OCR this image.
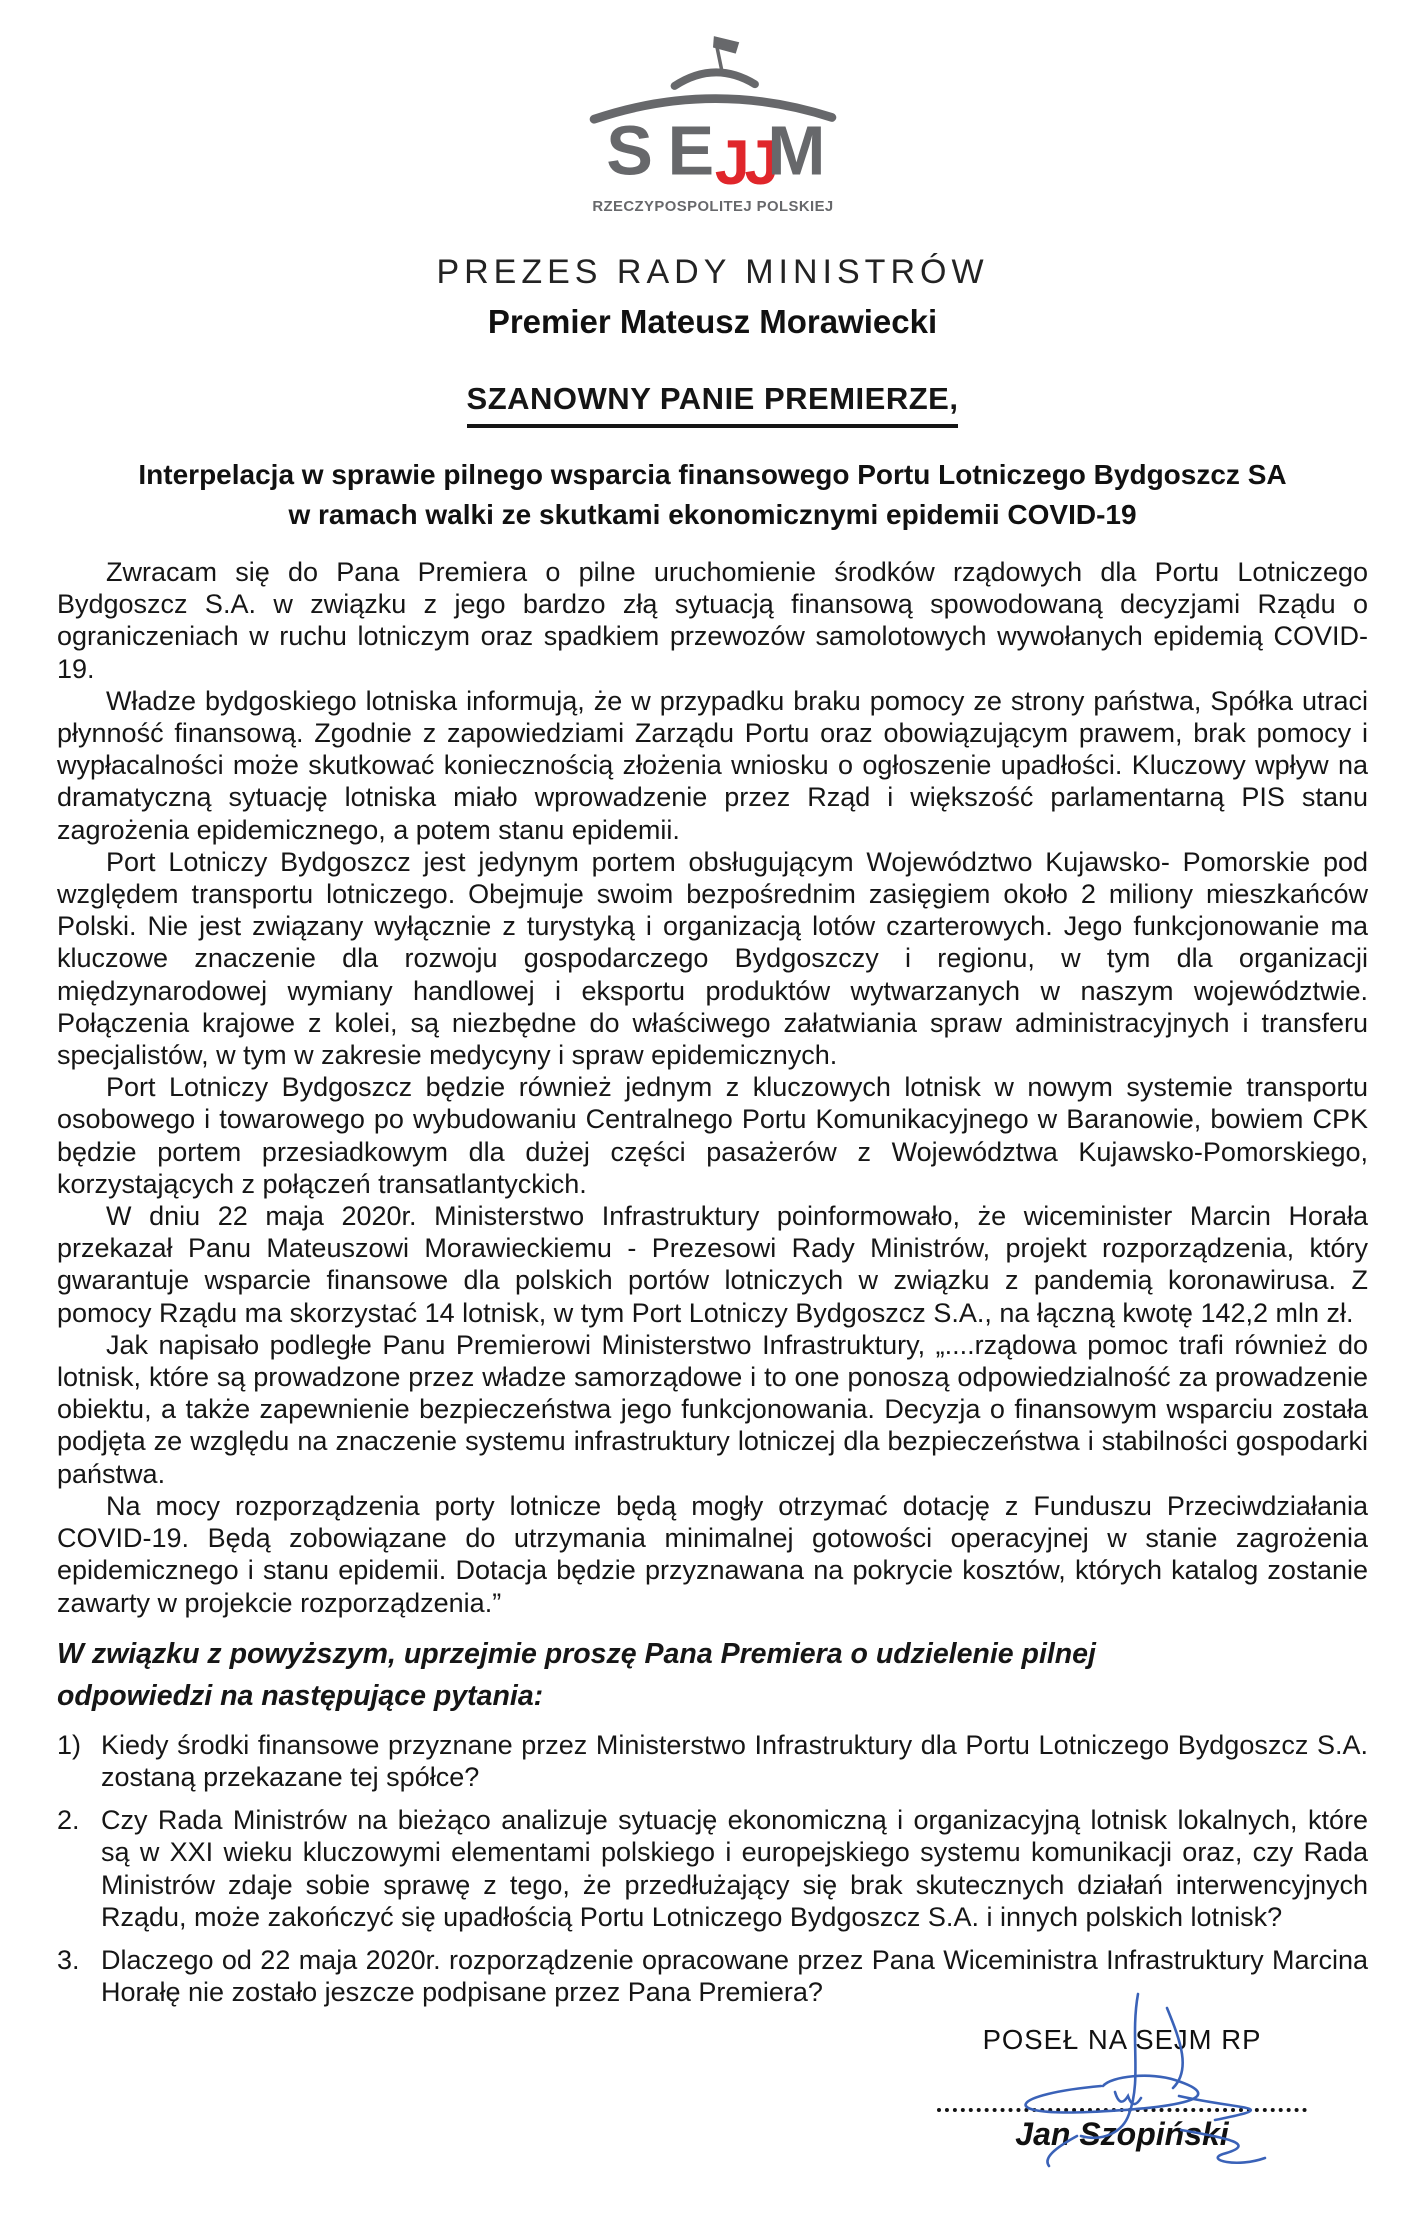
S E JJ
M
RZECZYPOSPOLITEJ POLSKIEJ
PREZES RADY MINISTRÓW
Premier Mateusz Morawiecki
SZANOWNY PANIE PREMIERZE,
Interpelacja w sprawie pilnego wsparcia finansowego Portu Lotniczego Bydgoszcz SA
w ramach walki ze skutkami ekonomicznymi epidemii COVID-19

Zwracam się do Pana Premiera o pilne uruchomienie środków rządowych dla Portu Lotniczego Bydgoszcz S.A. w związku z jego bardzo złą sytuacją finansową spowodowaną decyzjami Rządu o ograniczeniach w ruchu lotniczym oraz spadkiem przewozów samolotowych wywołanych epidemią COVID-19.

Władze bydgoskiego lotniska informują, że w przypadku braku pomocy ze strony państwa, Spółka utraci płynność finansową. Zgodnie z zapowiedziami Zarządu Portu oraz obowiązującym prawem, brak pomocy i wypłacalności może skutkować koniecznością złożenia wniosku o ogłoszenie upadłości. Kluczowy wpływ na dramatyczną sytuację lotniska miało wprowadzenie przez Rząd i większość parlamentarną PIS stanu zagrożenia epidemicznego, a potem stanu epidemii.

Port Lotniczy Bydgoszcz jest jedynym portem obsługującym Województwo Kujawsko- Pomorskie pod względem transportu lotniczego. Obejmuje swoim bezpośrednim zasięgiem około 2 miliony mieszkańców Polski. Nie jest związany wyłącznie z turystyką i organizacją lotów czarterowych. Jego funkcjonowanie ma kluczowe znaczenie dla rozwoju gospodarczego Bydgoszczy i regionu, w tym dla organizacji międzynarodowej wymiany handlowej i eksportu produktów wytwarzanych w naszym województwie. Połączenia krajowe z kolei, są niezbędne do właściwego załatwiania spraw administracyjnych i transferu specjalistów, w tym w zakresie medycyny i spraw epidemicznych.

Port Lotniczy Bydgoszcz będzie również jednym z kluczowych lotnisk w nowym systemie transportu osobowego i towarowego po wybudowaniu Centralnego Portu Komunikacyjnego w Baranowie, bowiem CPK będzie portem przesiadkowym dla dużej części pasażerów z Województwa Kujawsko-Pomorskiego, korzystających z połączeń transatlantyckich.

W dniu 22 maja 2020r. Ministerstwo Infrastruktury poinformowało, że wiceminister Marcin Horała przekazał Panu Mateuszowi Morawieckiemu - Prezesowi Rady Ministrów, projekt rozporządzenia, który gwarantuje wsparcie finansowe dla polskich portów lotniczych w związku z pandemią koronawirusa. Z pomocy Rządu ma skorzystać 14 lotnisk, w tym Port Lotniczy Bydgoszcz S.A., na łączną kwotę 142,2 mln zł.

Jak napisało podległe Panu Premierowi Ministerstwo Infrastruktury, „....rządowa pomoc trafi również do lotnisk, które są prowadzone przez władze samorządowe i to one ponoszą odpowiedzialność za prowadzenie obiektu, a także zapewnienie bezpieczeństwa jego funkcjonowania. Decyzja o finansowym wsparciu została podjęta ze względu na znaczenie systemu infrastruktury lotniczej dla bezpieczeństwa i stabilności gospodarki państwa.

Na mocy rozporządzenia porty lotnicze będą mogły otrzymać dotację z Funduszu Przeciwdziałania COVID-19. Będą zobowiązane do utrzymania minimalnej gotowości operacyjnej w stanie zagrożenia epidemicznego i stanu epidemii. Dotacja będzie przyznawana na pokrycie kosztów, których katalog zostanie zawarty w projekcie rozporządzenia.”

W związku z powyższym, uprzejmie proszę Pana Premiera o udzielenie pilnej
odpowiedzi na następujące pytania:
1) Kiedy środki finansowe przyznane przez Ministerstwo Infrastruktury dla Portu Lotniczego Bydgoszcz S.A. zostaną przekazane tej spółce?
2. Czy Rada Ministrów na bieżąco analizuje sytuację ekonomiczną i organizacyjną lotnisk lokalnych, które są w XXI wieku kluczowymi elementami polskiego i europejskiego systemu komunikacji oraz, czy Rada Ministrów zdaje sobie sprawę z tego, że przedłużający się brak skutecznych działań interwencyjnych Rządu, może zakończyć się upadłością Portu Lotniczego Bydgoszcz S.A. i innych polskich lotnisk?
3. Dlaczego od 22 maja 2020r. rozporządzenie opracowane przez Pana Wiceministra Infrastruktury Marcina Horałę nie zostało jeszcze podpisane przez Pana Premiera?
POSEŁ NA SEJM RP
Jan Szopiński
